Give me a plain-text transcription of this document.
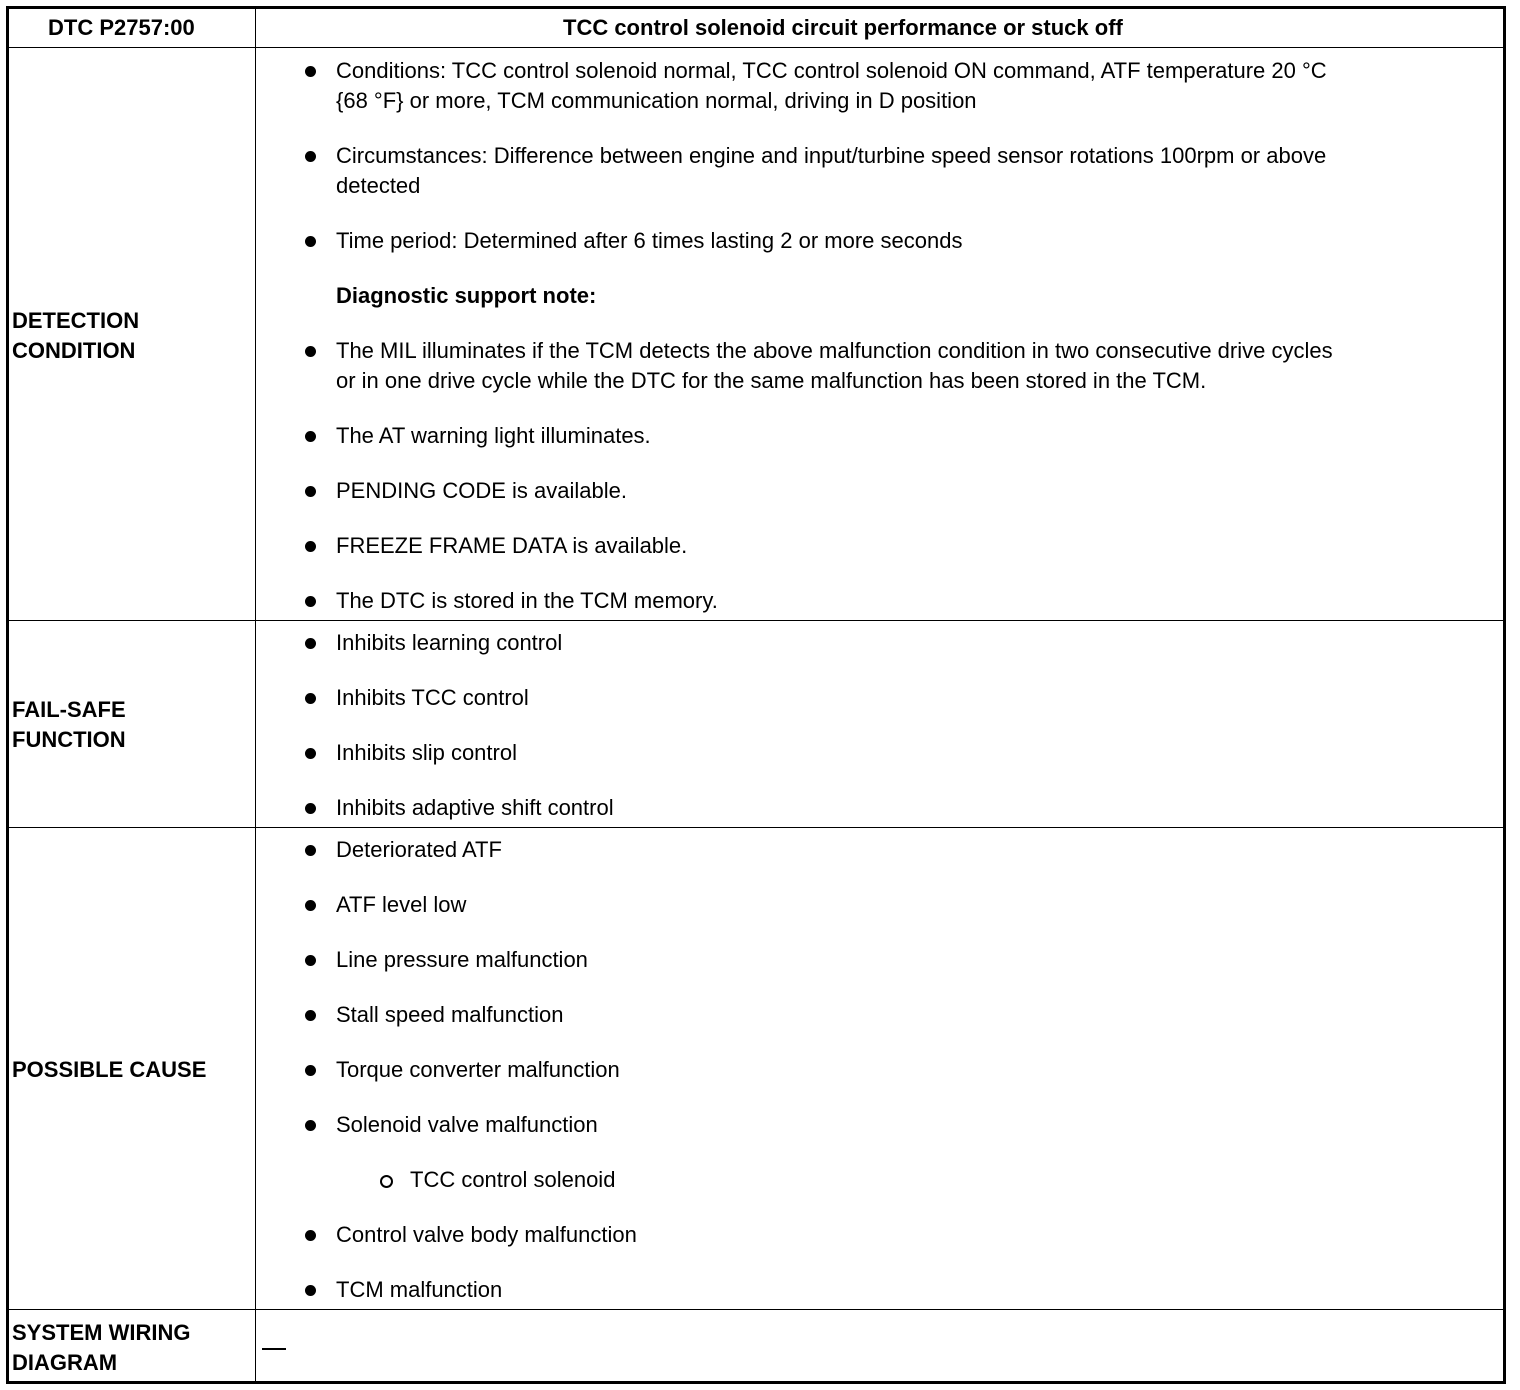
DTC P2757:00	TCC control solenoid circuit performance or stuck off
DETECTION
CONDITION
Conditions: TCC control solenoid normal, TCC control solenoid ON command, ATF temperature 20 °C
{68 °F} or more, TCM communication normal, driving in D position
Circumstances: Difference between engine and input/turbine speed sensor rotations 100rpm or above
detected
Time period: Determined after 6 times lasting 2 or more seconds
Diagnostic support note:
The MIL illuminates if the TCM detects the above malfunction condition in two consecutive drive cycles
or in one drive cycle while the DTC for the same malfunction has been stored in the TCM.
The AT warning light illuminates.
PENDING CODE is available.
FREEZE FRAME DATA is available.
The DTC is stored in the TCM memory.
FAIL-SAFE
FUNCTION
Inhibits learning control
Inhibits TCC control
Inhibits slip control
Inhibits adaptive shift control
POSSIBLE CAUSE
Deteriorated ATF
ATF level low
Line pressure malfunction
Stall speed malfunction
Torque converter malfunction
Solenoid valve malfunction
TCC control solenoid
Control valve body malfunction
TCM malfunction
SYSTEM WIRING
DIAGRAM
